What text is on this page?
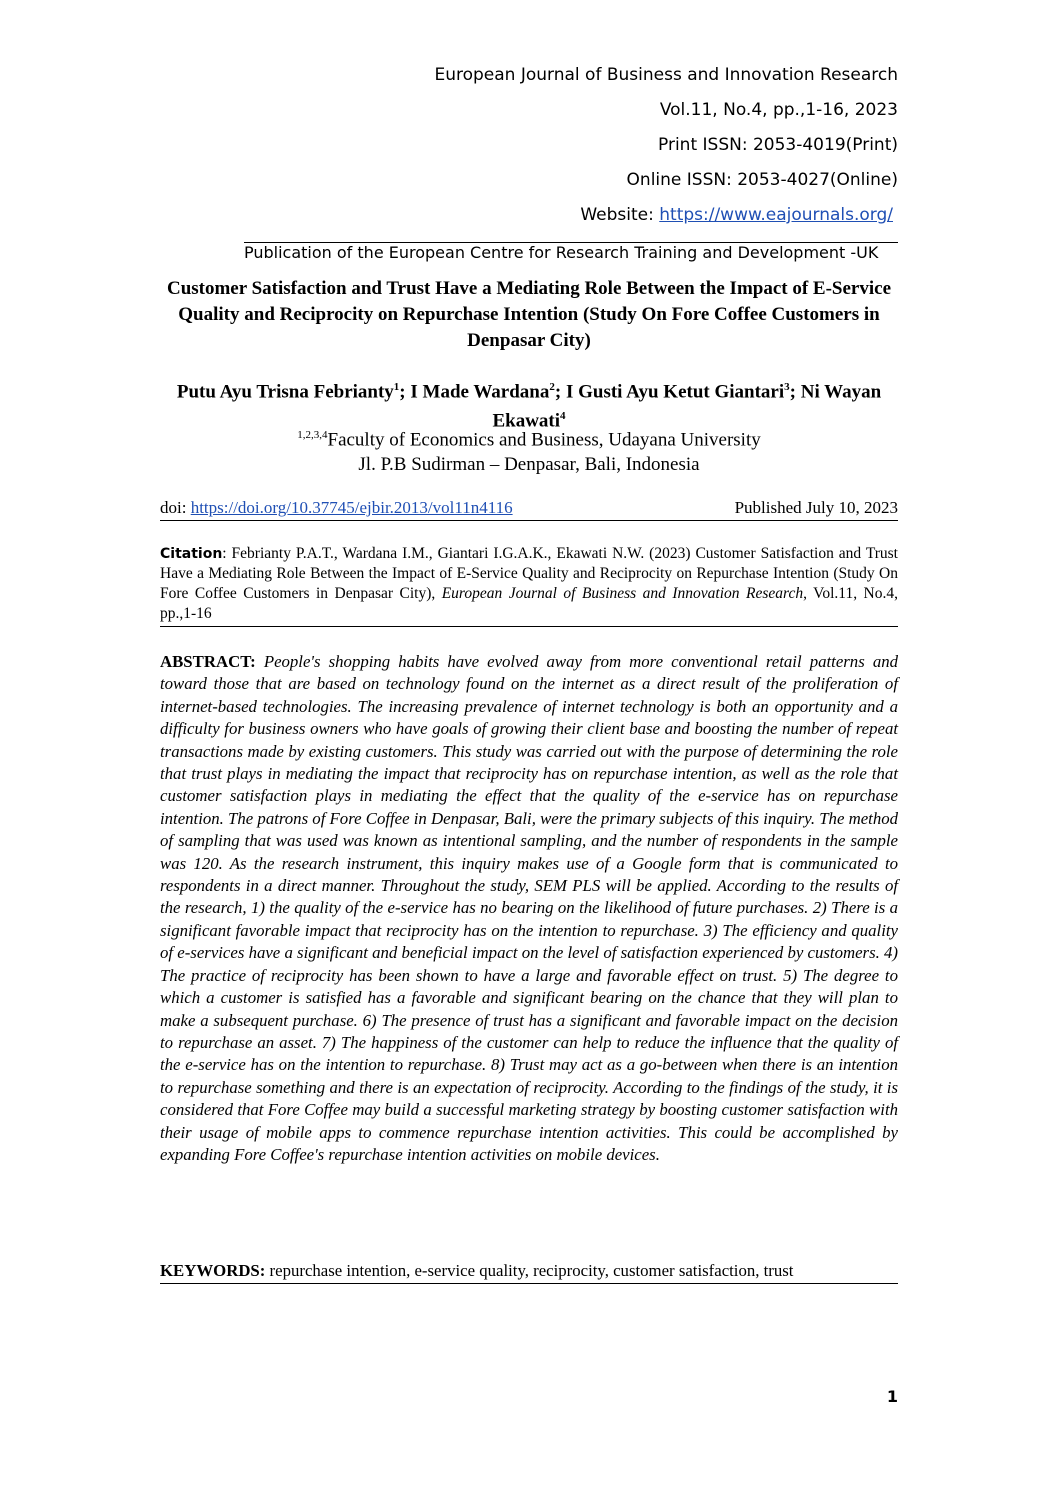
European Journal of Business and Innovation Research
Vol.11, No.4, pp.,1-16, 2023
Print ISSN: 2053-4019(Print)
Online ISSN: 2053-4027(Online)
Website: https://www.eajournals.org/
Publication of the European Centre for Research Training and Development -UK
Customer Satisfaction and Trust Have a Mediating Role Between the Impact of E-Service Quality and Reciprocity on Repurchase Intention (Study On Fore Coffee Customers in Denpasar City)
Putu Ayu Trisna Febrianty$^1$; I Made Wardana$^2$; I Gusti Ayu Ketut Giantari$^3$; Ni Wayan Ekawati$^4$
$^{1,2,3,4}$Faculty of Economics and Business, Udayana University
Jl. P.B Sudirman – Denpasar, Bali, Indonesia
doi: https://doi.org/10.37745/ejbir.2013/vol11n4116	Published July 10, 2023
Citation: Febrianty P.A.T., Wardana I.M., Giantari I.G.A.K., Ekawati N.W. (2023) Customer Satisfaction and Trust Have a Mediating Role Between the Impact of E-Service Quality and Reciprocity on Repurchase Intention (Study On Fore Coffee Customers in Denpasar City), European Journal of Business and Innovation Research, Vol.11, No.4, pp.,1-16
ABSTRACT: People's shopping habits have evolved away from more conventional retail patterns and toward those that are based on technology found on the internet as a direct result of the proliferation of internet-based technologies. The increasing prevalence of internet technology is both an opportunity and a difficulty for business owners who have goals of growing their client base and boosting the number of repeat transactions made by existing customers. This study was carried out with the purpose of determining the role that trust plays in mediating the impact that reciprocity has on repurchase intention, as well as the role that customer satisfaction plays in mediating the effect that the quality of the e-service has on repurchase intention. The patrons of Fore Coffee in Denpasar, Bali, were the primary subjects of this inquiry. The method of sampling that was used was known as intentional sampling, and the number of respondents in the sample was 120. As the research instrument, this inquiry makes use of a Google form that is communicated to respondents in a direct manner. Throughout the study, SEM PLS will be applied. According to the results of the research, 1) the quality of the e-service has no bearing on the likelihood of future purchases. 2) There is a significant favorable impact that reciprocity has on the intention to repurchase. 3) The efficiency and quality of e-services have a significant and beneficial impact on the level of satisfaction experienced by customers. 4) The practice of reciprocity has been shown to have a large and favorable effect on trust. 5) The degree to which a customer is satisfied has a favorable and significant bearing on the chance that they will plan to make a subsequent purchase. 6) The presence of trust has a significant and favorable impact on the decision to repurchase an asset. 7) The happiness of the customer can help to reduce the influence that the quality of the e-service has on the intention to repurchase. 8) Trust may act as a go-between when there is an intention to repurchase something and there is an expectation of reciprocity. According to the findings of the study, it is considered that Fore Coffee may build a successful marketing strategy by boosting customer satisfaction with their usage of mobile apps to commence repurchase intention activities. This could be accomplished by expanding Fore Coffee's repurchase intention activities on mobile devices.
KEYWORDS: repurchase intention, e-service quality, reciprocity, customer satisfaction, trust
1
